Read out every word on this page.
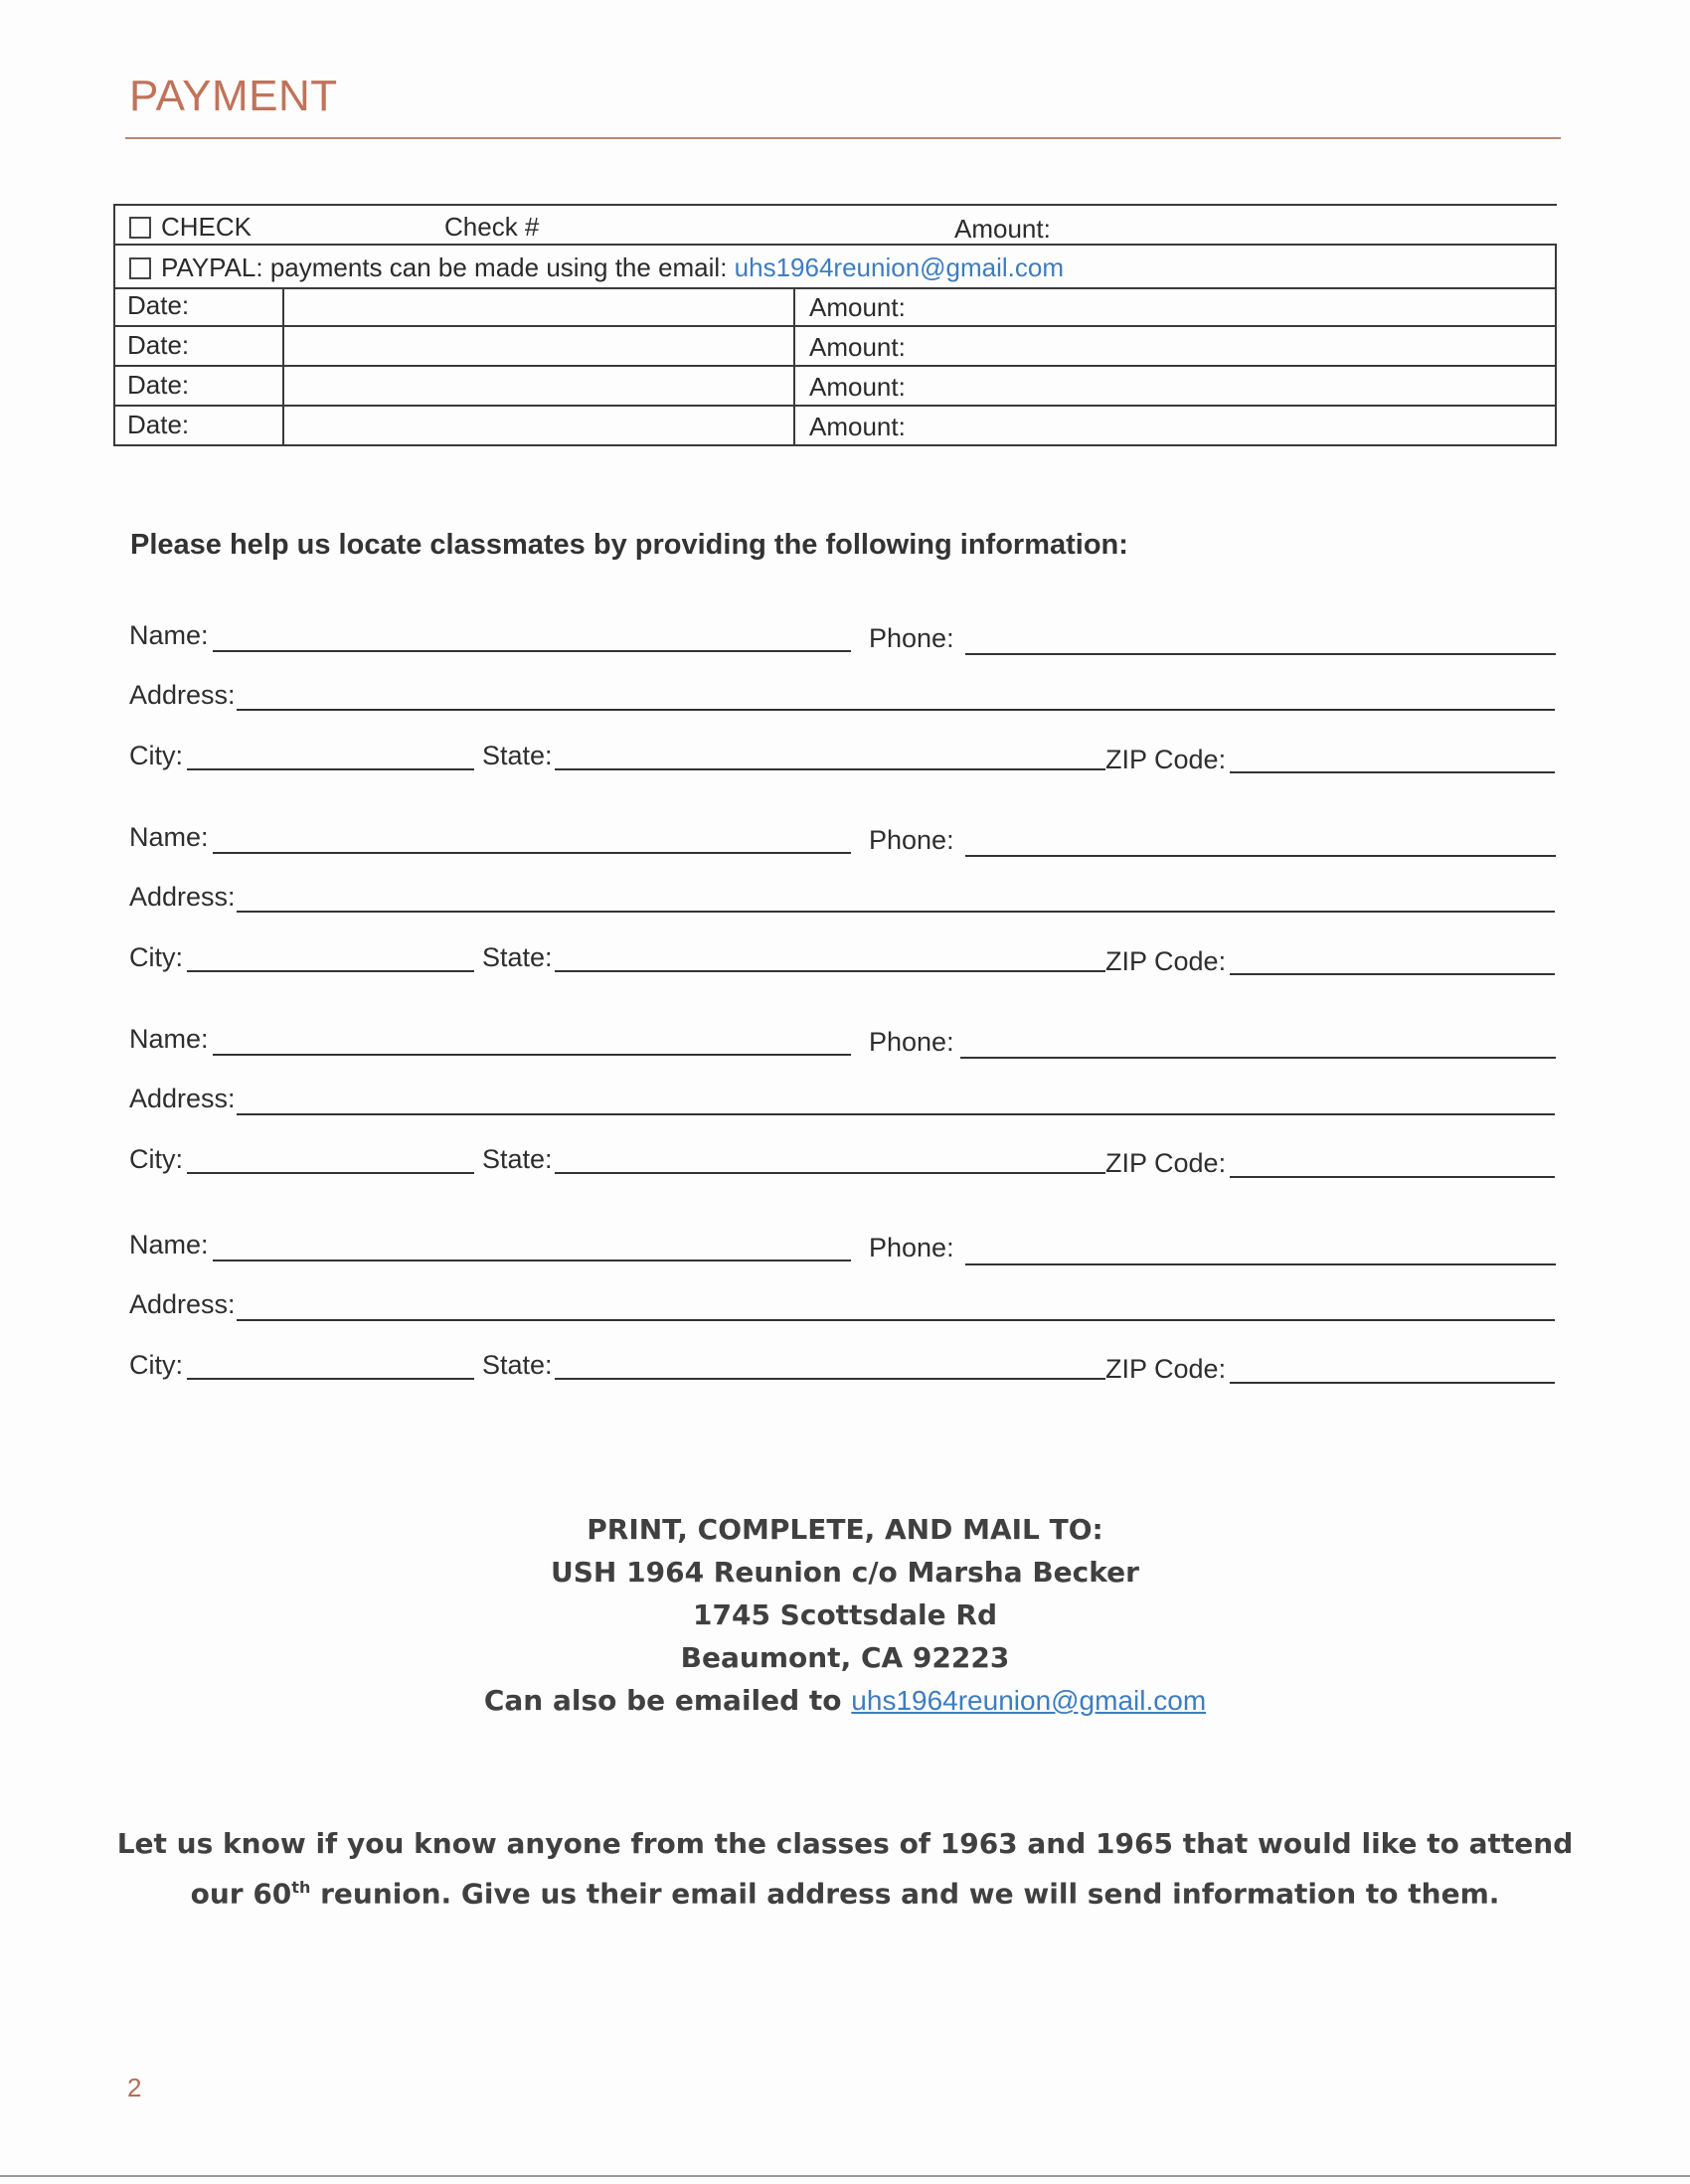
PAYMENT
CHECK	Check #	Amount:
PAYPAL: payments can be made using the email: uhs1964reunion@gmail.com
Date:	Amount:
Date:	Amount:
Date:	Amount:
Date:	Amount:
Please help us locate classmates by providing the following information:
Name:	Phone:
Address:
City:	State:	ZIP Code:
Name:	Phone:
Address:
City:	State:	ZIP Code:
Name:	Phone:
Address:
City:	State:	ZIP Code:
Name:	Phone:
Address:
City:	State:	ZIP Code:
PRINT, COMPLETE, AND MAIL TO:
USH 1964 Reunion c/o Marsha Becker
1745 Scottsdale Rd
Beaumont, CA 92223
Can also be emailed to uhs1964reunion@gmail.com
Let us know if you know anyone from the classes of 1963 and 1965 that would like to attend
our 60th reunion. Give us their email address and we will send information to them.
2
